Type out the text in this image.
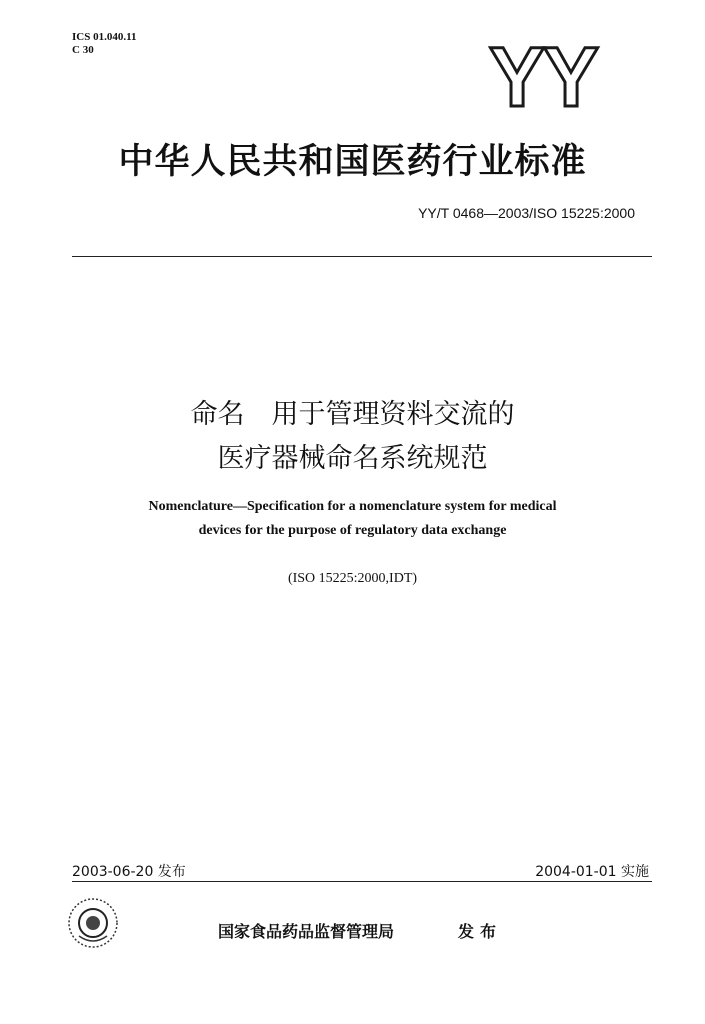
ICS 01.040.11
C 30	YY
中华人民共和国医药行业标准
YY/T 0468—2003/ISO 15225:2000
命名　用于管理资料交流的
医疗器械命名系统规范
Nomenclature—Specification for a nomenclature system for medical
devices for the purpose of regulatory data exchange
(ISO 15225:2000,IDT)
2003-06-20 发布	2004-01-01 实施
国家食品药品监督管理局	发布
